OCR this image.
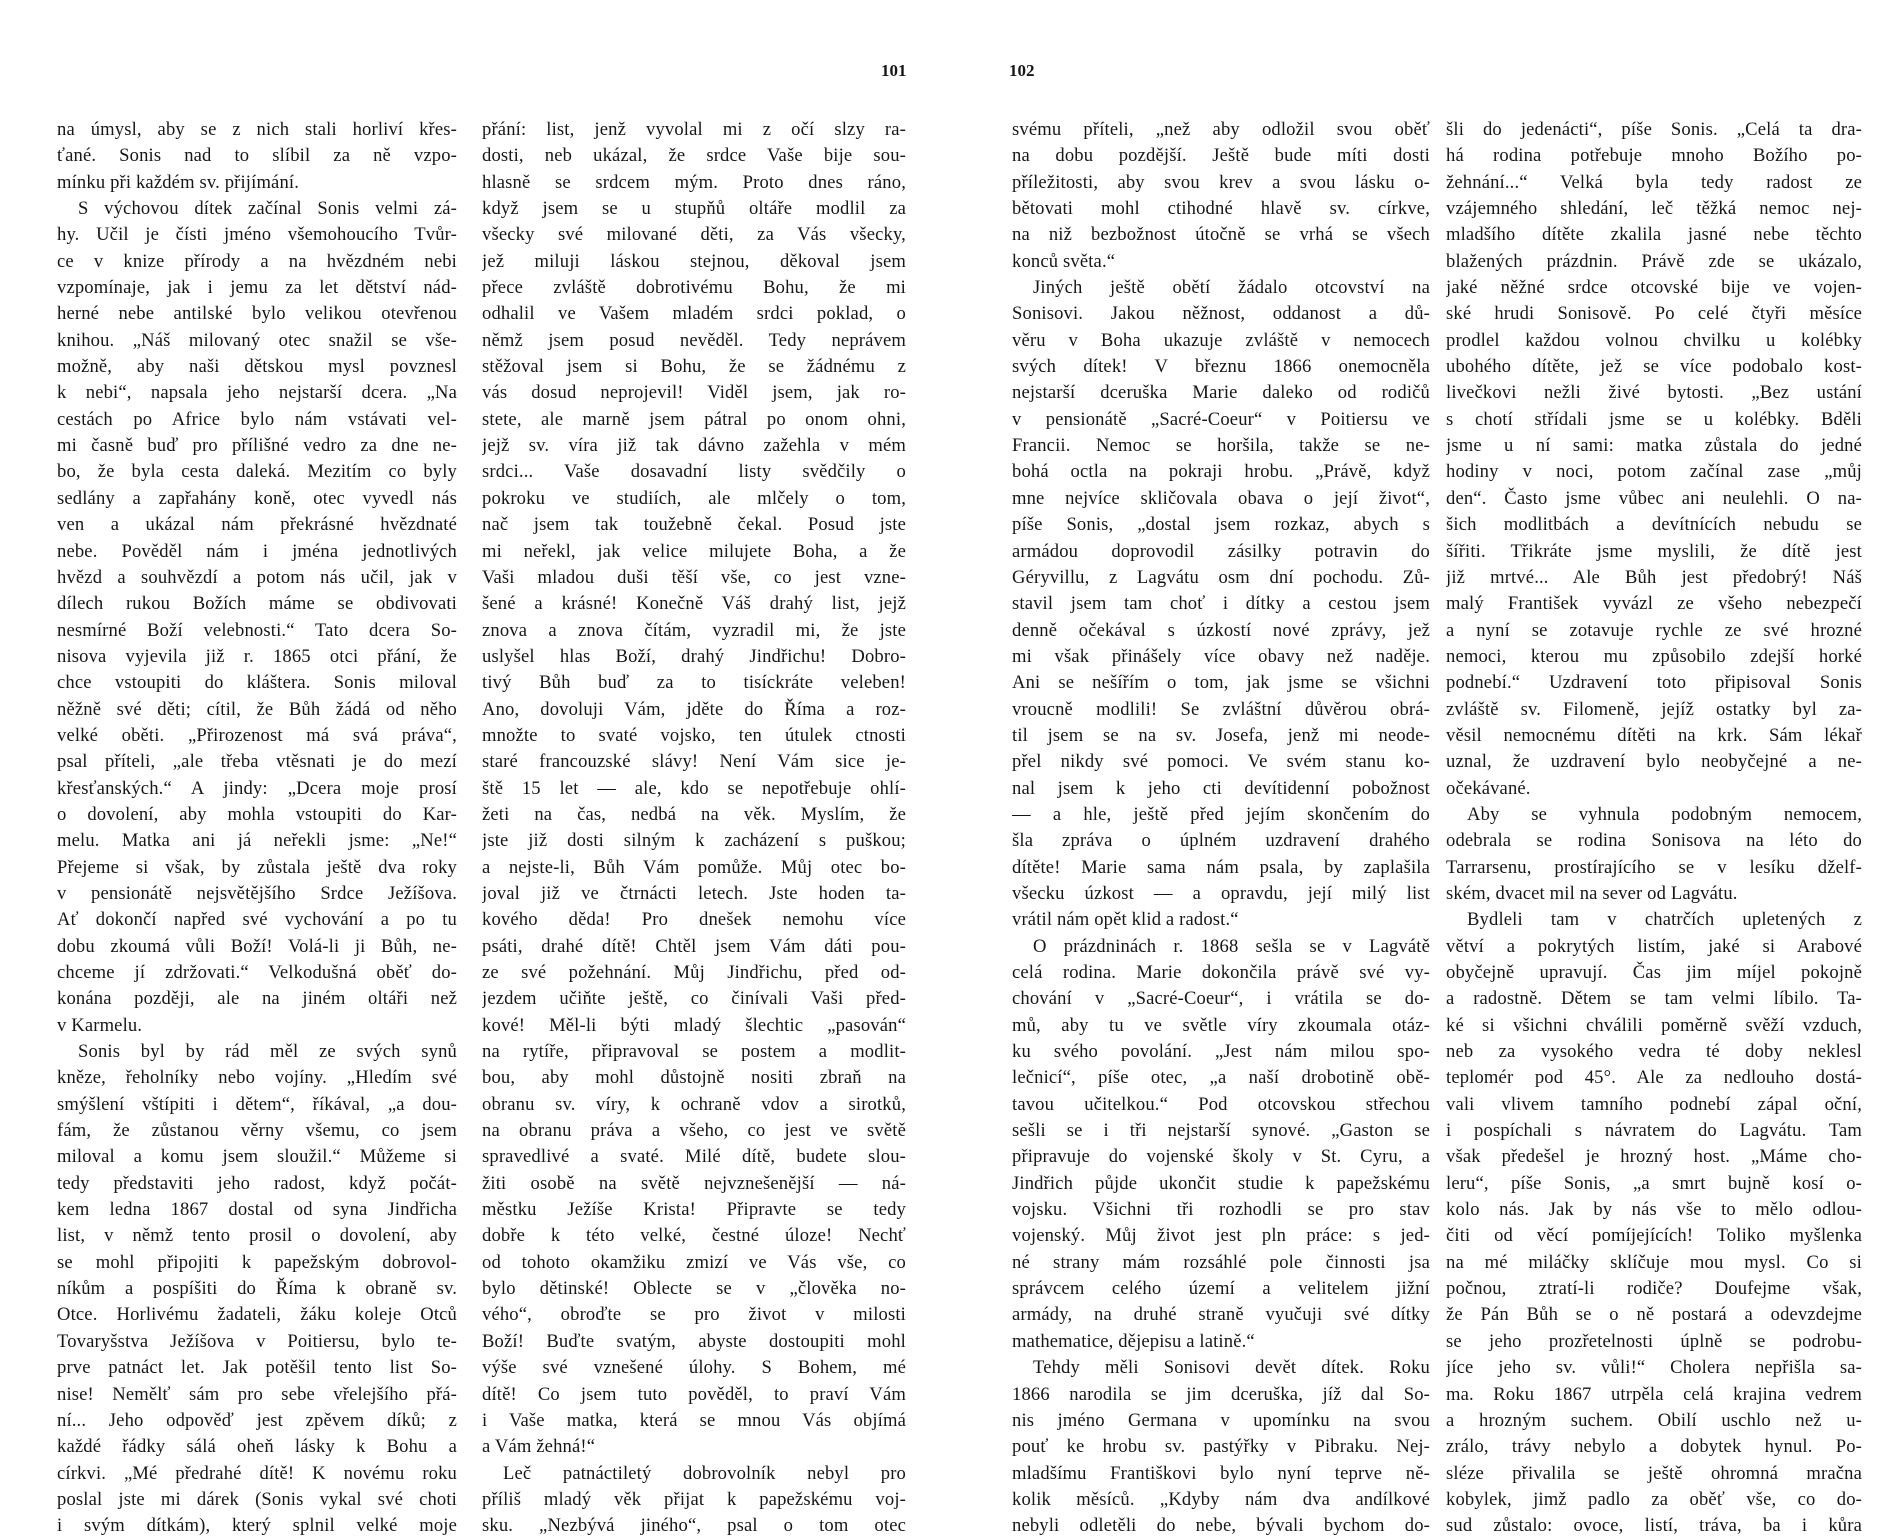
101	102
na úmysl, aby se z nich stali horliví křes-
ťané. Sonis nad to slíbil za ně vzpo-
mínku při každém sv. přijímání.
S výchovou dítek začínal Sonis velmi zá-
hy. Učil je čísti jméno všemohoucího Tvůr-
ce v knize přírody a na hvězdném nebi
vzpomínaje, jak i jemu za let dětství nád-
herné nebe antilské bylo velikou otevřenou
knihou. „Náš milovaný otec snažil se vše-
možně, aby naši dětskou mysl povznesl
k nebi“, napsala jeho nejstarší dcera. „Na
cestách po Africe bylo nám vstávati vel-
mi časně buď pro přílišné vedro za dne ne-
bo, že byla cesta daleká. Mezitím co byly
sedlány a zapřahány koně, otec vyvedl nás
ven a ukázal nám překrásné hvězdnaté
nebe. Pověděl nám i jména jednotlivých
hvězd a souhvězdí a potom nás učil, jak v
dílech rukou Božích máme se obdivovati
nesmírné Boží velebnosti.“ Tato dcera So-
nisova vyjevila již r. 1865 otci přání, že
chce vstoupiti do kláštera. Sonis miloval
něžně své děti; cítil, že Bůh žádá od něho
velké oběti. „Přirozenost má svá práva“,
psal příteli, „ale třeba vtěsnati je do mezí
křesťanských.“ A jindy: „Dcera moje prosí
o dovolení, aby mohla vstoupiti do Kar-
melu. Matka ani já neřekli jsme: „Ne!“
Přejeme si však, by zůstala ještě dva roky
v pensionátě nejsvětějšího Srdce Ježíšova.
Ať dokončí napřed své vychování a po tu
dobu zkoumá vůli Boží! Volá-li ji Bůh, ne-
chceme jí zdržovati.“ Velkodušná oběť do-
konána později, ale na jiném oltáři než
v Karmelu.
Sonis byl by rád měl ze svých synů
kněze, řeholníky nebo vojíny. „Hledím své
smýšlení vštípiti i dětem“, říkával, „a dou-
fám, že zůstanou věrny všemu, co jsem
miloval a komu jsem sloužil.“ Můžeme si
tedy představiti jeho radost, když počát-
kem ledna 1867 dostal od syna Jindřicha
list, v němž tento prosil o dovolení, aby
se mohl připojiti k papežským dobrovol-
níkům a pospíšiti do Říma k obraně sv.
Otce. Horlivému žadateli, žáku koleje Otců
Tovaryšstva Ježíšova v Poitiersu, bylo te-
prve patnáct let. Jak potěšil tento list So-
nise! Nemělť sám pro sebe vřelejšího přá-
ní... Jeho odpověď jest zpěvem díků; z
každé řádky sálá oheň lásky k Bohu a
církvi. „Mé předrahé dítě! K novému roku
poslal jste mi dárek (Sonis vykal své choti
i svým dítkám), který splnil velké moje
přání: list, jenž vyvolal mi z očí slzy ra-
dosti, neb ukázal, že srdce Vaše bije sou-
hlasně se srdcem mým. Proto dnes ráno,
když jsem se u stupňů oltáře modlil za
všecky své milované děti, za Vás všecky,
jež miluji láskou stejnou, děkoval jsem
přece zvláště dobrotivému Bohu, že mi
odhalil ve Vašem mladém srdci poklad, o
němž jsem posud nevěděl. Tedy neprávem
stěžoval jsem si Bohu, že se žádnému z
vás dosud neprojevil! Viděl jsem, jak ro-
stete, ale marně jsem pátral po onom ohni,
jejž sv. víra již tak dávno zažehla v mém
srdci... Vaše dosavadní listy svědčily o
pokroku ve studiích, ale mlčely o tom,
nač jsem tak toužebně čekal. Posud jste
mi neřekl, jak velice milujete Boha, a že
Vaši mladou duši těší vše, co jest vzne-
šené a krásné! Konečně Váš drahý list, jejž
znova a znova čítám, vyzradil mi, že jste
uslyšel hlas Boží, drahý Jindřichu! Dobro-
tivý Bůh buď za to tisíckráte veleben!
Ano, dovoluji Vám, jděte do Říma a roz-
množte to svaté vojsko, ten útulek ctnosti
staré francouzské slávy! Není Vám sice je-
ště 15 let — ale, kdo se nepotřebuje ohlí-
žeti na čas, nedbá na věk. Myslím, že
jste již dosti silným k zacházení s puškou;
a nejste-li, Bůh Vám pomůže. Můj otec bo-
joval již ve čtrnácti letech. Jste hoden ta-
kového děda! Pro dnešek nemohu více
psáti, drahé dítě! Chtěl jsem Vám dáti pou-
ze své požehnání. Můj Jindřichu, před od-
jezdem učiňte ještě, co činívali Vaši před-
kové! Měl-li býti mladý šlechtic „pasován“
na rytíře, připravoval se postem a modlit-
bou, aby mohl důstojně nositi zbraň na
obranu sv. víry, k ochraně vdov a sirotků,
na obranu práva a všeho, co jest ve světě
spravedlivé a svaté. Milé dítě, budete slou-
žiti osobě na světě nejvznešenější — ná-
městku Ježíše Krista! Připravte se tedy
dobře k této velké, čestné úloze! Nechť
od tohoto okamžiku zmizí ve Vás vše, co
bylo dětinské! Oblecte se v „člověka no-
vého“, obroďte se pro život v milosti
Boží! Buďte svatým, abyste dostoupiti mohl
výše své vznešené úlohy. S Bohem, mé
dítě! Co jsem tuto pověděl, to praví Vám
i Vaše matka, která se mnou Vás objímá
a Vám žehná!“
Leč patnáctiletý dobrovolník nebyl pro
příliš mladý věk přijat k papežskému voj-
sku. „Nezbývá jiného“, psal o tom otec
svému příteli, „než aby odložil svou oběť
na dobu pozdější. Ještě bude míti dosti
příležitosti, aby svou krev a svou lásku o-
bětovati mohl ctihodné hlavě sv. církve,
na niž bezbožnost útočně se vrhá se všech
konců světa.“
Jiných ještě obětí žádalo otcovství na
Sonisovi. Jakou něžnost, oddanost a dů-
věru v Boha ukazuje zvláště v nemocech
svých dítek! V březnu 1866 onemocněla
nejstarší dceruška Marie daleko od rodičů
v pensionátě „Sacré-Coeur“ v Poitiersu ve
Francii. Nemoc se horšila, takže se ne-
bohá octla na pokraji hrobu. „Právě, když
mne nejvíce skličovala obava o její život“,
píše Sonis, „dostal jsem rozkaz, abych s
armádou doprovodil zásilky potravin do
Géryvillu, z Lagvátu osm dní pochodu. Zů-
stavil jsem tam choť i dítky a cestou jsem
denně očekával s úzkostí nové zprávy, jež
mi však přinášely více obavy než naděje.
Ani se nešířím o tom, jak jsme se všichni
vroucně modlili! Se zvláštní důvěrou obrá-
til jsem se na sv. Josefa, jenž mi neode-
přel nikdy své pomoci. Ve svém stanu ko-
nal jsem k jeho cti devítidenní pobožnost
— a hle, ještě před jejím skončením do
šla zpráva o úplném uzdravení drahého
dítěte! Marie sama nám psala, by zaplašila
všecku úzkost — a opravdu, její milý list
vrátil nám opět klid a radost.“
O prázdninách r. 1868 sešla se v Lagvátě
celá rodina. Marie dokončila právě své vy-
chování v „Sacré-Coeur“, i vrátila se do-
mů, aby tu ve světle víry zkoumala otáz-
ku svého povolání. „Jest nám milou spo-
lečnicí“, píše otec, „a naší drobotině obě-
tavou učitelkou.“ Pod otcovskou střechou
sešli se i tři nejstarší synové. „Gaston se
připravuje do vojenské školy v St. Cyru, a
Jindřich půjde ukončit studie k papežskému
vojsku. Všichni tři rozhodli se pro stav
vojenský. Můj život jest pln práce: s jed-
né strany mám rozsáhlé pole činnosti jsa
správcem celého území a velitelem jižní
armády, na druhé straně vyučuji své dítky
mathematice, dějepisu a latině.“
Tehdy měli Sonisovi devět dítek. Roku
1866 narodila se jim dceruška, jíž dal So-
nis jméno Germana v upomínku na svou
pouť ke hrobu sv. pastýřky v Pibraku. Nej-
mladšímu Františkovi bylo nyní teprve ně-
kolik měsíců. „Kdyby nám dva andílkové
nebyli odletěli do nebe, bývali bychom do-
šli do jedenácti“, píše Sonis. „Celá ta dra-
há rodina potřebuje mnoho Božího po-
žehnání...“ Velká byla tedy radost ze
vzájemného shledání, leč těžká nemoc nej-
mladšího dítěte zkalila jasné nebe těchto
blažených prázdnin. Právě zde se ukázalo,
jaké něžné srdce otcovské bije ve vojen-
ské hrudi Sonisově. Po celé čtyři měsíce
prodlel každou volnou chvilku u kolébky
ubohého dítěte, jež se více podobalo kost-
livečkovi nežli živé bytosti. „Bez ustání
s chotí střídali jsme se u kolébky. Bděli
jsme u ní sami: matka zůstala do jedné
hodiny v noci, potom začínal zase „můj
den“. Často jsme vůbec ani neulehli. O na-
šich modlitbách a devítnících nebudu se
šířiti. Třikráte jsme myslili, že dítě jest
již mrtvé... Ale Bůh jest předobrý! Náš
malý František vyvázl ze všeho nebezpečí
a nyní se zotavuje rychle ze své hrozné
nemoci, kterou mu způsobilo zdejší horké
podnebí.“ Uzdravení toto připisoval Sonis
zvláště sv. Filomeně, jejíž ostatky byl za-
věsil nemocnému dítěti na krk. Sám lékař
uznal, že uzdravení bylo neobyčejné a ne-
očekávané.
Aby se vyhnula podobným nemocem,
odebrala se rodina Sonisova na léto do
Tarrarsenu, prostírajícího se v lesíku dželf-
ském, dvacet mil na sever od Lagvátu.
Bydleli tam v chatrčích upletených z
větví a pokrytých listím, jaké si Arabové
obyčejně upravují. Čas jim míjel pokojně
a radostně. Dětem se tam velmi líbilo. Ta-
ké si všichni chválili poměrně svěží vzduch,
neb za vysokého vedra té doby neklesl
teplomér pod 45°. Ale za nedlouho dostá-
vali vlivem tamního podnebí zápal oční,
i pospíchali s návratem do Lagvátu. Tam
však předešel je hrozný host. „Máme cho-
leru“, píše Sonis, „a smrt bujně kosí o-
kolo nás. Jak by nás vše to mělo odlou-
čiti od věcí pomíjejících! Toliko myšlenka
na mé miláčky sklíčuje mou mysl. Co si
počnou, ztratí-li rodiče? Doufejme však,
že Pán Bůh se o ně postará a odevzdejme
se jeho prozřetelnosti úplně se podrobu-
jíce jeho sv. vůli!“ Cholera nepřišla sa-
ma. Roku 1867 utrpěla celá krajina vedrem
a hrozným suchem. Obilí uschlo než u-
zrálo, trávy nebylo a dobytek hynul. Po-
sléze přivalila se ještě ohromná mračna
kobylek, jimž padlo za oběť vše, co do-
sud zůstalo: ovoce, listí, tráva, ba i kůra
